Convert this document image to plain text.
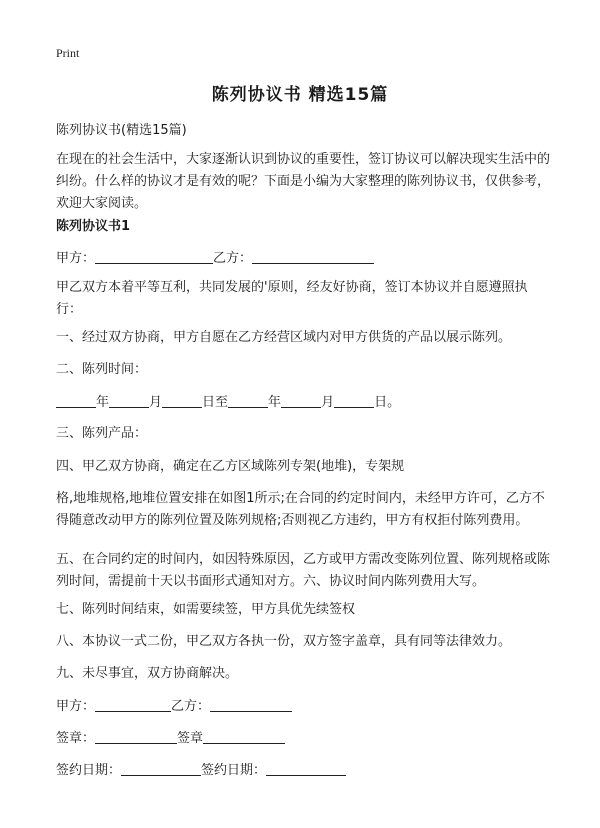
Print
陈列协议书 精选15篇
陈列协议书(精选15篇)
在现在的社会生活中，大家逐渐认识到协议的重要性，签订协议可以解决现实生活中的纠纷。什么样的协议才是有效的呢？下面是小编为大家整理的陈列协议书，仅供参考，欢迎大家阅读。
陈列协议书1
甲方：	乙方：
甲乙双方本着平等互利，共同发展的'原则，经友好协商，签订本协议并自愿遵照执行：
一、经过双方协商，甲方自愿在乙方经营区域内对甲方供货的产品以展示陈列。
二、陈列时间：
年	月	日至	年	月	日。
三、陈列产品：
四、甲乙双方协商，确定在乙方区域陈列专架(地堆)，专架规
格,地堆规格,地堆位置安排在如图1所示;在合同的约定时间内，未经甲方许可，乙方不得随意改动甲方的陈列位置及陈列规格;否则视乙方违约，甲方有权拒付陈列费用。
五、在合同约定的时间内，如因特殊原因，乙方或甲方需改变陈列位置、陈列规格或陈列时间，需提前十天以书面形式通知对方。六、协议时间内陈列费用大写。
七、陈列时间结束，如需要续签，甲方具优先续签权
八、本协议一式二份，甲乙双方各执一份，双方签字盖章，具有同等法律效力。
九、未尽事宜，双方协商解决。
甲方：	乙方：
签章：	签章
签约日期：	签约日期：
